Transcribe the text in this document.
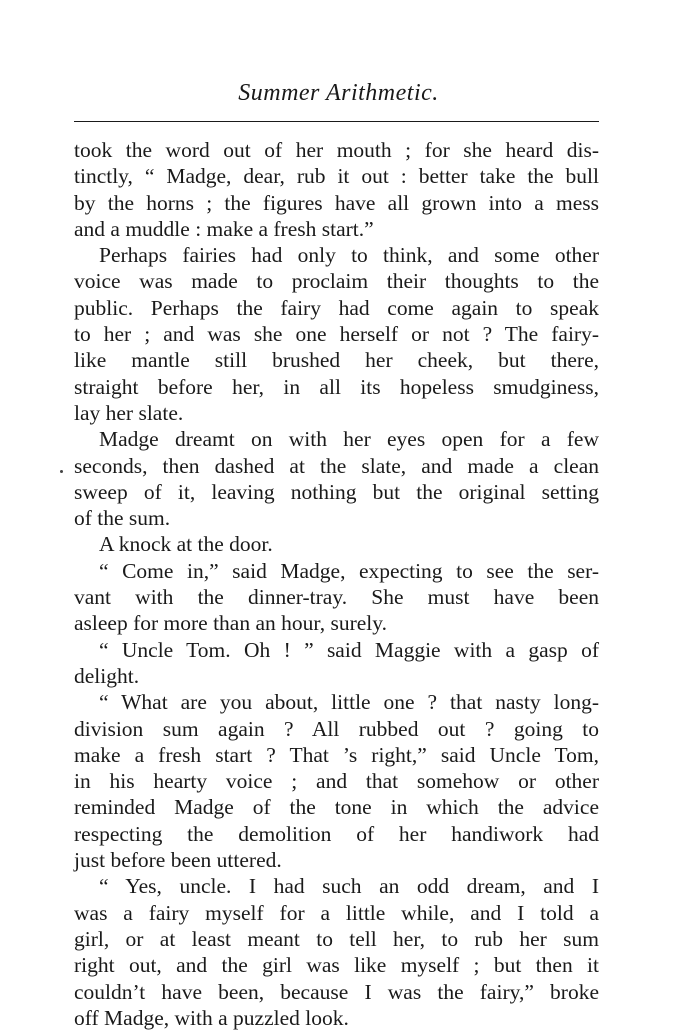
Summer Arithmetic.
took the word out of her mouth ; for she heard dis-
tinctly, “ Madge, dear, rub it out : better take the bull
by the horns ; the figures have all grown into a mess
and a muddle : make a fresh start.”
Perhaps fairies had only to think, and some other
voice was made to proclaim their thoughts to the
public. Perhaps the fairy had come again to speak
to her ; and was she one herself or not ? The fairy-
like mantle still brushed her cheek, but there,
straight before her, in all its hopeless smudginess,
lay her slate.
Madge dreamt on with her eyes open for a few
seconds, then dashed at the slate, and made a clean
sweep of it, leaving nothing but the original setting
of the sum.
A knock at the door.
“ Come in,” said Madge, expecting to see the ser-
vant with the dinner-tray. She must have been
asleep for more than an hour, surely.
“ Uncle Tom. Oh ! ” said Maggie with a gasp of
delight.
“ What are you about, little one ? that nasty long-
division sum again ? All rubbed out ? going to
make a fresh start ? That ’s right,” said Uncle Tom,
in his hearty voice ; and that somehow or other
reminded Madge of the tone in which the advice
respecting the demolition of her handiwork had
just before been uttered.
“ Yes, uncle. I had such an odd dream, and I
was a fairy myself for a little while, and I told a
girl, or at least meant to tell her, to rub her sum
right out, and the girl was like myself ; but then it
couldn’t have been, because I was the fairy,” broke
off Madge, with a puzzled look.
